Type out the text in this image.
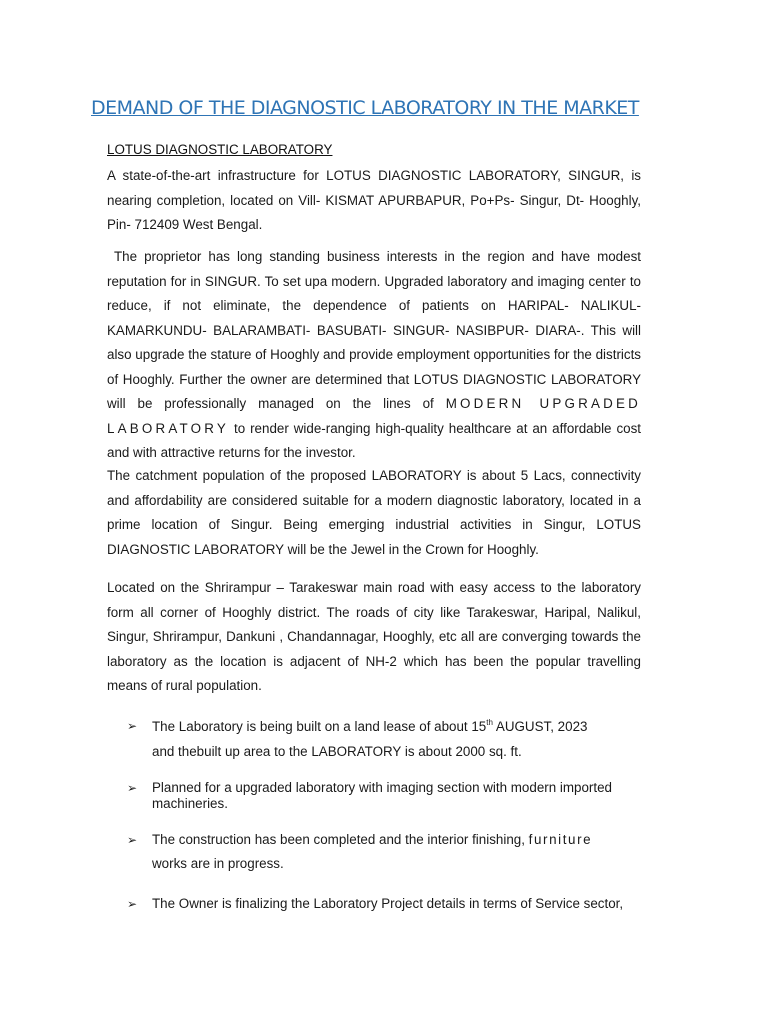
DEMAND OF THE DIAGNOSTIC LABORATORY IN THE MARKET
LOTUS DIAGNOSTIC LABORATORY
A state-of-the-art infrastructure for LOTUS DIAGNOSTIC LABORATORY, SINGUR, is nearing completion, located on Vill- KISMAT APURBAPUR, Po+Ps- Singur, Dt- Hooghly, Pin- 712409 West Bengal.
The proprietor has long standing business interests in the region and have modest reputation for in SINGUR. To set upa modern. Upgraded laboratory and imaging center to reduce, if not eliminate, the dependence of patients on HARIPAL- NALIKUL- KAMARKUNDU- BALARAMBATI- BASUBATI- SINGUR- NASIBPUR- DIARA-. This will also upgrade the stature of Hooghly and provide employment opportunities for the districts of Hooghly. Further the owner are determined that LOTUS DIAGNOSTIC LABORATORY will be professionally managed on the lines of MODERN UPGRADED LABORATORY to render wide-ranging high-quality healthcare at an affordable cost and with attractive returns for the investor.
The catchment population of the proposed LABORATORY is about 5 Lacs, connectivity and affordability are considered suitable for a modern diagnostic laboratory, located in a prime location of Singur. Being emerging industrial activities in Singur, LOTUS DIAGNOSTIC LABORATORY will be the Jewel in the Crown for Hooghly.
Located on the Shrirampur – Tarakeswar main road with easy access to the laboratory form all corner of Hooghly district. The roads of city like Tarakeswar, Haripal, Nalikul, Singur, Shrirampur, Dankuni , Chandannagar, Hooghly, etc all are converging towards the laboratory as the location is adjacent of NH-2 which has been the popular travelling means of rural population.
➢ The Laboratory is being built on a land lease of about 15th AUGUST, 2023
and thebuilt up area to the LABORATORY is about 2000 sq. ft.
➢ Planned for a upgraded laboratory with imaging section with modern imported machineries.
➢ The construction has been completed and the interior finishing, furniture
works are in progress.
➢ The Owner is finalizing the Laboratory Project details in terms of Service sector,
